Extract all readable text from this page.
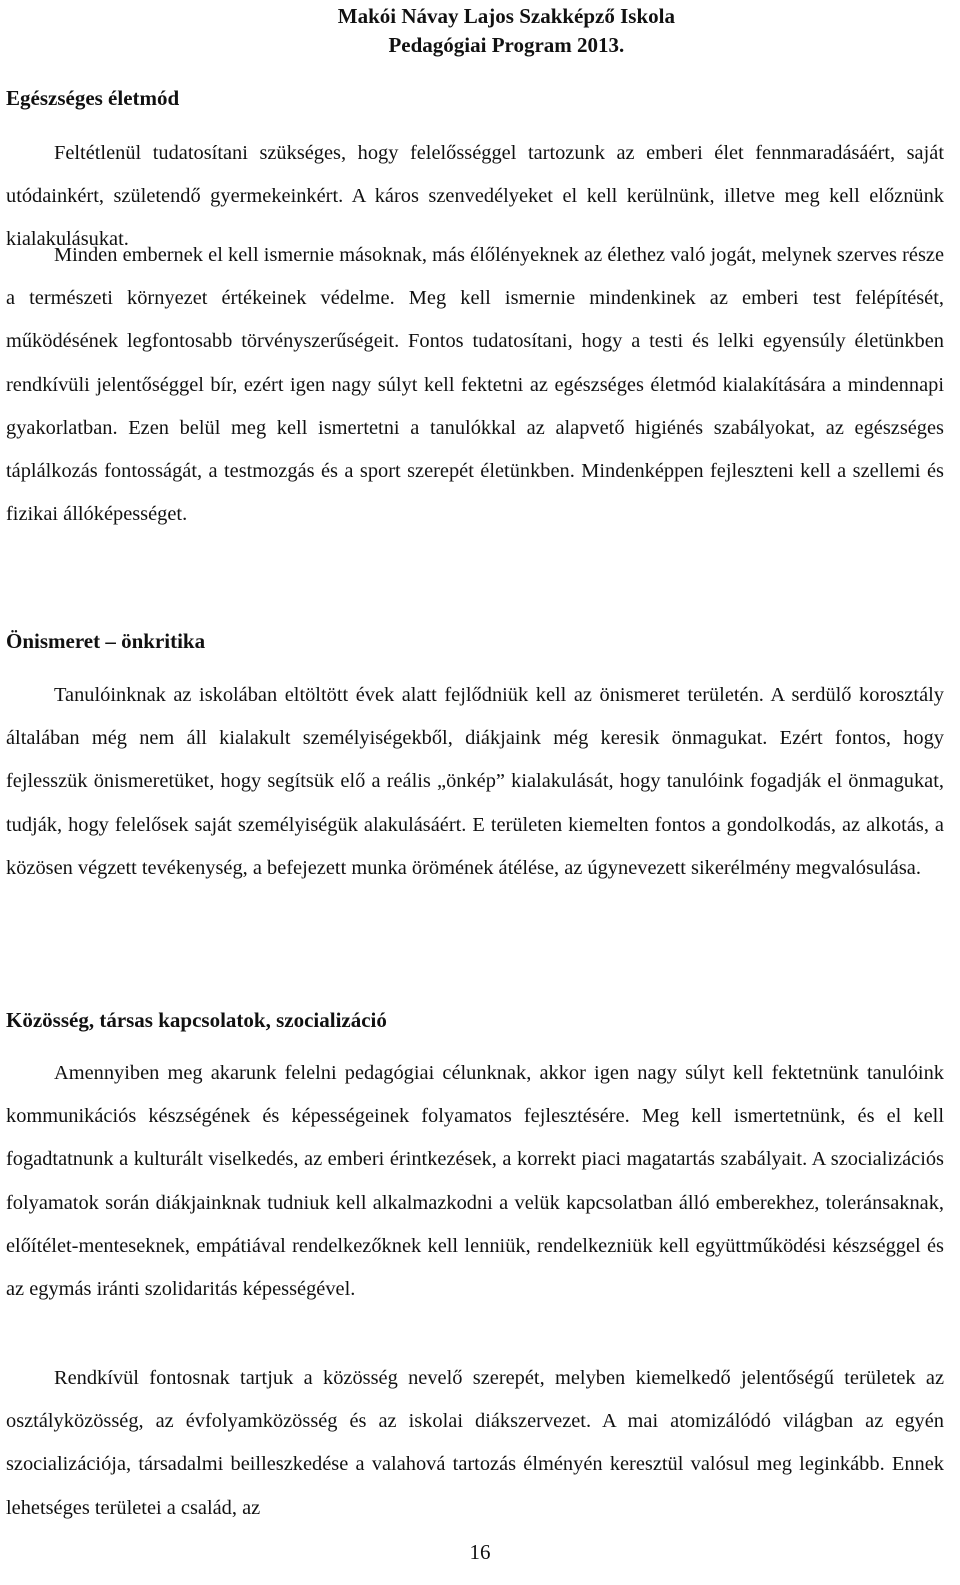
Makói Návay Lajos Szakképző Iskola
Pedagógiai Program 2013.
Egészséges életmód

Feltétlenül tudatosítani szükséges, hogy felelősséggel tartozunk az emberi élet fennmaradásáért, saját utódainkért, születendő gyermekeinkért. A káros szenvedélyeket el kell kerülnünk, illetve meg kell előznünk kialakulásukat.

Minden embernek el kell ismernie másoknak, más élőlényeknek az élethez való jogát, melynek szerves része a természeti környezet értékeinek védelme. Meg kell ismernie mindenkinek az emberi test felépítését, működésének legfontosabb törvényszerűségeit. Fontos tudatosítani, hogy a testi és lelki egyensúly életünkben rendkívüli jelentőséggel bír, ezért igen nagy súlyt kell fektetni az egészséges életmód kialakítására a mindennapi gyakorlatban. Ezen belül meg kell ismertetni a tanulókkal az alapvető higiénés szabályokat, az egészséges táplálkozás fontosságát, a testmozgás és a sport szerepét életünkben. Mindenképpen fejleszteni kell a szellemi és fizikai állóképességet.

Önismeret – önkritika

Tanulóinknak az iskolában eltöltött évek alatt fejlődniük kell az önismeret területén. A serdülő korosztály általában még nem áll kialakult személyiségekből, diákjaink még keresik önmagukat. Ezért fontos, hogy fejlesszük önismeretüket, hogy segítsük elő a reális „önkép” kialakulását, hogy tanulóink fogadják el önmagukat, tudják, hogy felelősek saját személyiségük alakulásáért. E területen kiemelten fontos a gondolkodás, az alkotás, a közösen végzett tevékenység, a befejezett munka örömének átélése, az úgynevezett sikerélmény megvalósulása.

Közösség, társas kapcsolatok, szocializáció

Amennyiben meg akarunk felelni pedagógiai célunknak, akkor igen nagy súlyt kell fektetnünk tanulóink kommunikációs készségének és képességeinek folyamatos fejlesztésére. Meg kell ismertetnünk, és el kell fogadtatnunk a kulturált viselkedés, az emberi érintkezések, a korrekt piaci magatartás szabályait. A szocializációs folyamatok során diákjainknak tudniuk kell alkalmazkodni a velük kapcsolatban álló emberekhez, toleránsaknak, előítélet-menteseknek, empátiával rendelkezőknek kell lenniük, rendelkezniük kell együttműködési készséggel és az egymás iránti szolidaritás képességével.

Rendkívül fontosnak tartjuk a közösség nevelő szerepét, melyben kiemelkedő jelentőségű területek az osztályközösség, az évfolyamközösség és az iskolai diákszervezet. A mai atomizálódó világban az egyén szocializációja, társadalmi beilleszkedése a valahová tartozás élményén keresztül valósul meg leginkább. Ennek lehetséges területei a család, az

16
